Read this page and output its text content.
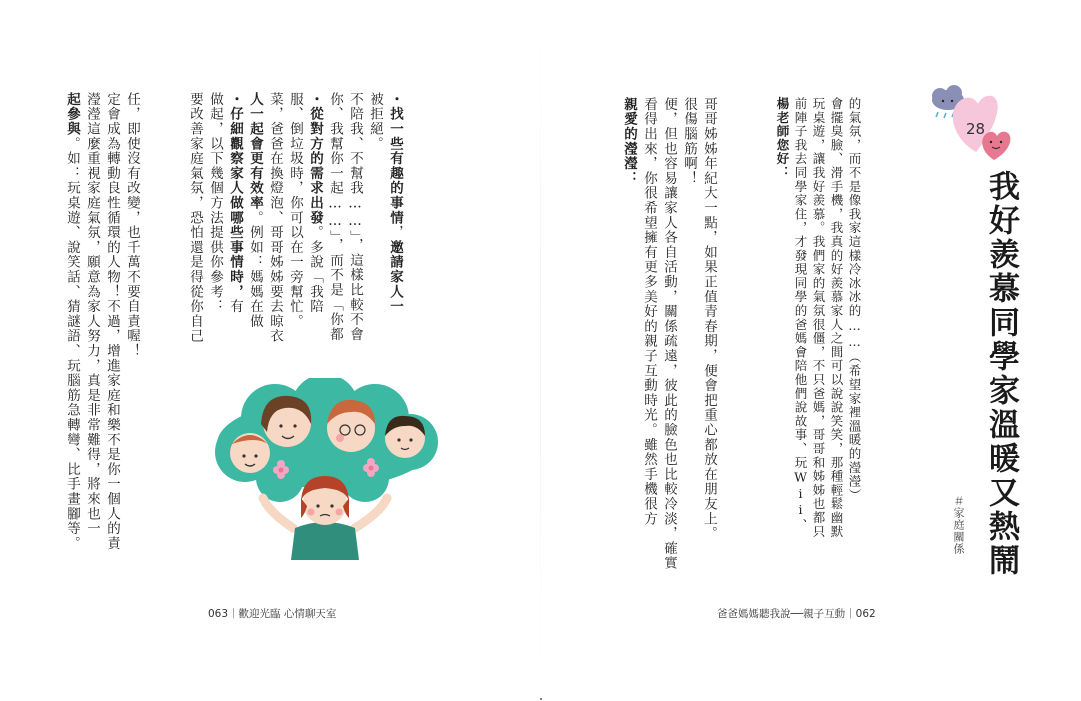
任，即使沒有改變，也千萬不要自責喔！
定會成為轉動良性循環的人物！不過，增進家庭和樂不是你一個人的責
瀅瀅這麼重視家庭氣氛，願意為家人努力，真是非常難得，將來也一
起參與。如：玩桌遊、說笑話、猜謎語、玩腦筋急轉彎、比手畫腳等。
・找一些有趣的事情，邀請家人一
被拒絕。
不陪我、不幫我……」，這樣比較不會
你、我幫你一起……」，而不是「你都
・從對方的需求出發。多說「我陪
服、倒垃圾時，你可以在一旁幫忙。
菜，爸爸在換燈泡、哥哥姊姊要去晾衣
人一起會更有效率。例如：媽媽在做
・仔細觀察家人做哪些事情時，有
做起，以下幾個方法提供你參考：
要改善家庭氣氛，恐怕還是得從你自己
063｜歡迎光臨 心情聊天室
28
我好羨慕同學家溫暖又熱鬧
＃家庭關係
的氣氛，而不是像我家這樣冷冰冰的……（希望家裡溫暖的瀅瀅）
會擺臭臉、滑手機，我真的好羨慕家人之間可以說說笑笑，那種輕鬆幽默
玩桌遊，讓我好羨慕。我們家的氣氛很僵，不只爸媽，哥哥和姊姊也都只
前陣子我去同學家住，才發現同學的爸媽會陪他們說故事、玩Wii、
楊老師您好：
哥哥姊姊年紀大一點，如果正值青春期，便會把重心都放在朋友上。
很傷腦筋啊！
便，但也容易讓家人各自活動，關係疏遠，彼此的臉色也比較冷淡，確實
看得出來，你很希望擁有更多美好的親子互動時光。雖然手機很方
親愛的瀅瀅：
爸爸媽媽聽我說──親子互動｜062
